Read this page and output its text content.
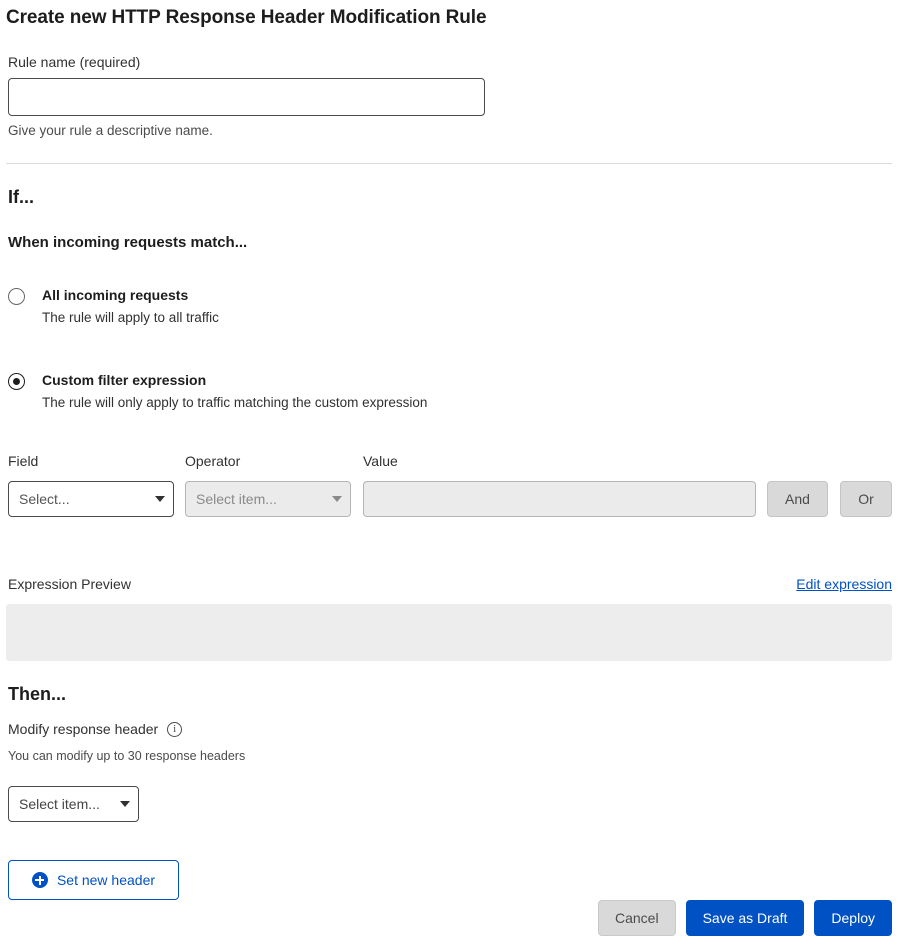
Create new HTTP Response Header Modification Rule
Rule name (required)
Give your rule a descriptive name.
If...
When incoming requests match...
All incoming requests
The rule will apply to all traffic
Custom filter expression
The rule will only apply to traffic matching the custom expression
Field	Operator	Value
Select...	Select item...	And	Or
Expression Preview	Edit expression
Then...
Modify response header	i
You can modify up to 30 response headers
Select item...
Set new header
Cancel	Save as Draft	Deploy
